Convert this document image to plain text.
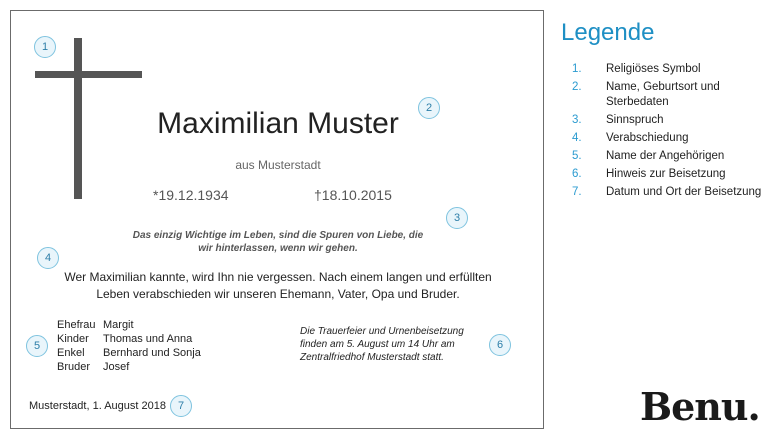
1
Maximilian Muster	2
aus Musterstadt
*19.12.1934	†18.10.2015
3
Das einzig Wichtige im Leben, sind die Spuren von Liebe, die
wir hinterlassen, wenn wir gehen.
4
Wer Maximilian kannte, wird Ihn nie vergessen. Nach einem langen und erfüllten
Leben verabschieden wir unseren Ehemann, Vater, Opa und Bruder.
5
Ehefrau Margit
Kinder	Thomas und Anna
Enkel	Bernhard und Sonja
Bruder	Josef
Die Trauerfeier und Urnenbeisetzung
finden am 5. August um 14 Uhr am
Zentralfriedhof Musterstadt statt.
6
Musterstadt, 1. August 2018	7
Legende
1.	Religiöses Symbol
2.	Name, Geburtsort und Sterbedaten
3.	Sinnspruch
4.	Verabschiedung
5.	Name der Angehörigen
6.	Hinweis zur Beisetzung
7.	Datum und Ort der Beisetzung
Benu.
